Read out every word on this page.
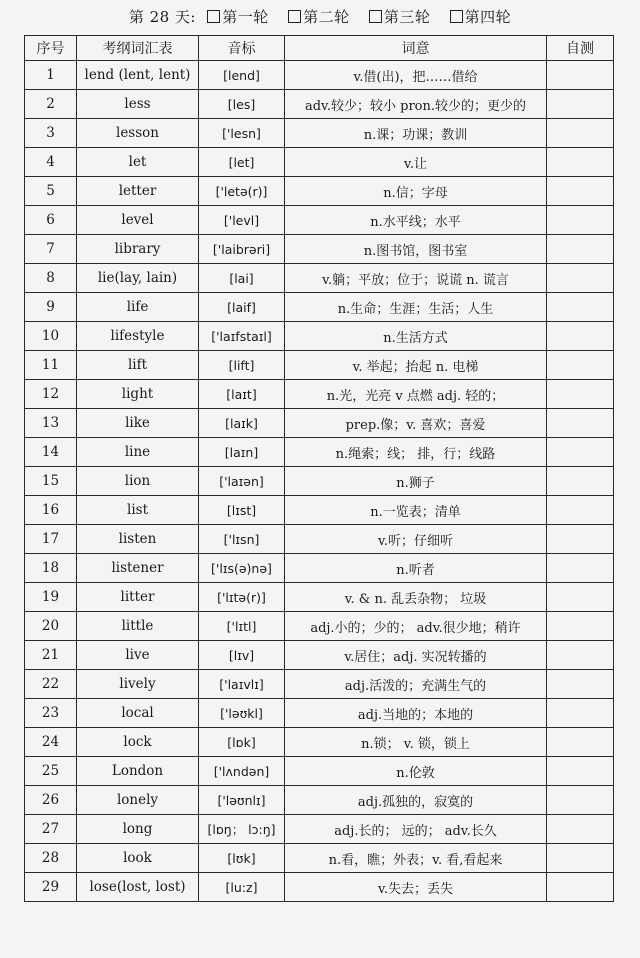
第 28 天: 第一轮 第二轮 第三轮 第四轮
序号	考纲词汇表	音标	词意	自测
1	lend (lent, lent)	[lend]	v.借(出)，把……借给	
2	less	[les]	adv.较少；较小 pron.较少的；更少的	
3	lesson	['lesn]	n.课；功课；教训	
4	let	[let]	v.让	
5	letter	['letə(r)]	n.信；字母	
6	level	['levl]	n.水平线；水平	
7	library	['laibrəri]	n.图书馆，图书室	
8	lie(lay, lain)	[lai]	v.躺；平放；位于；说谎 n. 谎言	
9	life	[laif]	n.生命；生涯；生活；人生	
10	lifestyle	['laɪfstaɪl]	n.生活方式	
11	lift	[lift]	v. 举起；抬起 n. 电梯	
12	light	[laɪt]	n.光，光亮 v 点燃 adj. 轻的；	
13	like	[laɪk]	prep.像；v. 喜欢；喜爱	
14	line	[laɪn]	n.绳索；线； 排，行；线路	
15	lion	['laɪən]	n.狮子	
16	list	[lɪst]	n.一览表；清单	
17	listen	['lɪsn]	v.听；仔细听	
18	listener	['lɪs(ə)nə]	n.听者	
19	litter	['lɪtə(r)]	v. & n. 乱丢杂物； 垃圾	
20	little	['lɪtl]	adj.小的；少的； adv.很少地；稍许	
21	live	[lɪv]	v.居住；adj. 实况转播的	
22	lively	['laɪvlɪ]	adj.活泼的；充满生气的	
23	local	['ləʊkl]	adj.当地的；本地的	
24	lock	[lɒk]	n.锁； v. 锁，锁上	
25	London	['lʌndən]	n.伦敦	
26	lonely	['ləʊnlɪ]	adj.孤独的，寂寞的	
27	long	[lɒŋ； lɔ:ŋ]	adj.长的； 远的； adv.长久	
28	look	[lʊk]	n.看，瞧；外表；v. 看,看起来	
29	lose(lost, lost)	[lu:z]	v.失去；丢失	
